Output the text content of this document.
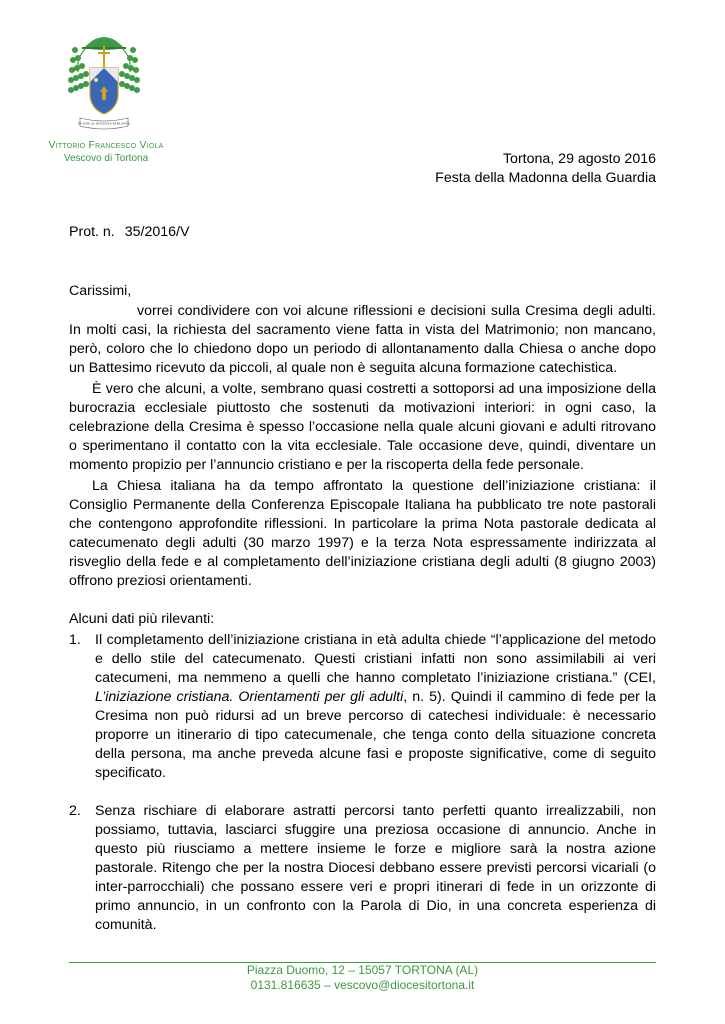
IN SIDE AL DOCENTE PARLANTE
Vittorio Francesco Viola
Vescovo di Tortona	Tortona, 29 agosto 2016
Festa della Madonna della Guardia
Prot. n. 35/2016/V

Carissimi,

vorrei condividere con voi alcune riflessioni e decisioni sulla Cresima degli adulti. In molti casi, la richiesta del sacramento viene fatta in vista del Matrimonio; non mancano, però, coloro che lo chiedono dopo un periodo di allontanamento dalla Chiesa o anche dopo un Battesimo ricevuto da piccoli, al quale non è seguita alcuna formazione catechistica.

È vero che alcuni, a volte, sembrano quasi costretti a sottoporsi ad una imposizione della burocrazia ecclesiale piuttosto che sostenuti da motivazioni interiori: in ogni caso, la celebrazione della Cresima è spesso l’occasione nella quale alcuni giovani e adulti ritrovano o sperimentano il contatto con la vita ecclesiale. Tale occasione deve, quindi, diventare un momento propizio per l’annuncio cristiano e per la riscoperta della fede personale.

La Chiesa italiana ha da tempo affrontato la questione dell’iniziazione cristiana: il Consiglio Permanente della Conferenza Episcopale Italiana ha pubblicato tre note pastorali che contengono approfondite riflessioni. In particolare la prima Nota pastorale dedicata al catecumenato degli adulti (30 marzo 1997) e la terza Nota espressamente indirizzata al risveglio della fede e al completamento dell’iniziazione cristiana degli adulti (8 giugno 2003) offrono preziosi orientamenti.

Alcuni dati più rilevanti:

1. Il completamento dell’iniziazione cristiana in età adulta chiede “l’applicazione del metodo e dello stile del catecumenato. Questi cristiani infatti non sono assimilabili ai veri catecumeni, ma nemmeno a quelli che hanno completato l’iniziazione cristiana.” (CEI, L’iniziazione cristiana. Orientamenti per gli adulti, n. 5). Quindi il cammino di fede per la Cresima non può ridursi ad un breve percorso di catechesi individuale: è necessario proporre un itinerario di tipo catecumenale, che tenga conto della situazione concreta della persona, ma anche preveda alcune fasi e proposte significative, come di seguito specificato.
2. Senza rischiare di elaborare astratti percorsi tanto perfetti quanto irrealizzabili, non possiamo, tuttavia, lasciarci sfuggire una preziosa occasione di annuncio. Anche in questo più riusciamo a mettere insieme le forze e migliore sarà la nostra azione pastorale. Ritengo che per la nostra Diocesi debbano essere previsti percorsi vicariali (o inter-parrocchiali) che possano essere veri e propri itinerari di fede in un orizzonte di primo annuncio, in un confronto con la Parola di Dio, in una concreta esperienza di comunità.
Piazza Duomo, 12 – 15057 TORTONA (AL)
0131.816635 – vescovo@diocesitortona.it
